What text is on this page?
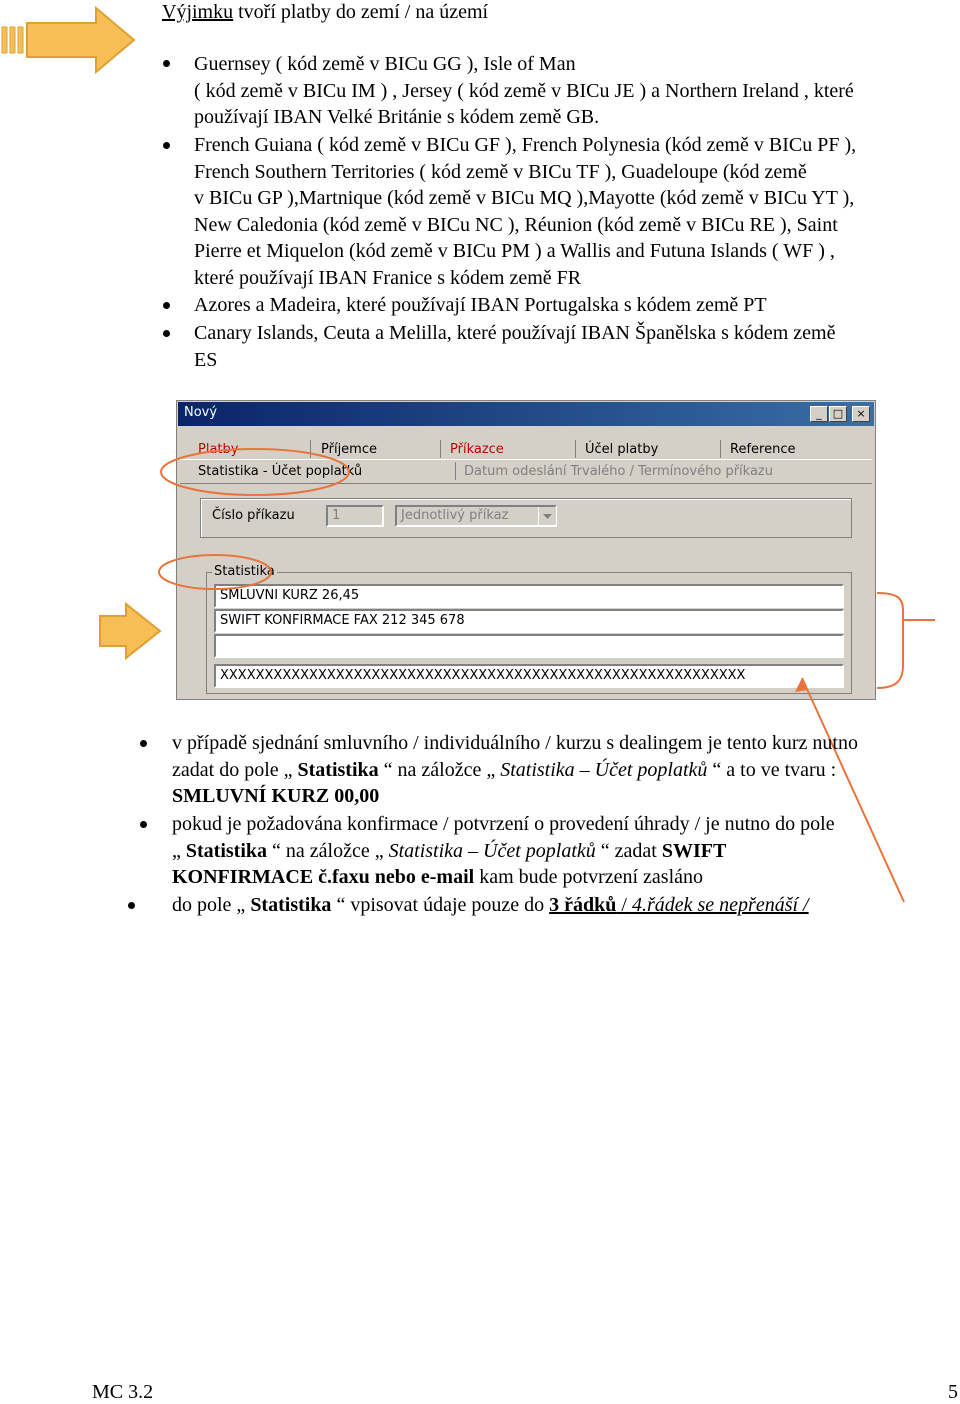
Výjimku tvoří platby do zemí / na území
Guernsey ( kód země v BICu GG ), Isle of Man
( kód země v BICu IM ) , Jersey ( kód země v BICu JE ) a Northern Ireland , které
používají IBAN Velké Británie s kódem země GB.
French Guiana ( kód země v BICu GF ), French Polynesia (kód země v BICu PF ),
French Southern Territories ( kód země v BICu TF ), Guadeloupe (kód země
v BICu GP ),Martnique (kód země v BICu MQ ),Mayotte (kód země v BICu YT ),
New Caledonia (kód země v BICu NC ), Réunion (kód země v BICu RE ), Saint
Pierre et Miquelon (kód země v BICu PM ) a Wallis and Futuna Islands ( WF ) ,
které používají IBAN Franice s kódem země FR
Azores a Madeira, které používají IBAN Portugalska s kódem země PT
Canary Islands, Ceuta a Melilla, které používají IBAN Španělska s kódem země
ES
Nový	_	□	×
Platby	Příjemce	Příkazce	Účel platby	Reference
Statistika - Účet poplatků	Datum odeslání Trvalého / Termínového příkazu
Číslo příkazu	1	Jednotlivý příkaz
Statistika
SMLUVNI KURZ 26,45
SWIFT KONFIRMACE FAX 212 345 678
XXXXXXXXXXXXXXXXXXXXXXXXXXXXXXXXXXXXXXXXXXXXXXXXXXXXXXXXXXX
v případě sjednání smluvního / individuálního / kurzu s dealingem je tento kurz nutno
zadat do pole „ Statistika “ na záložce „ Statistika – Účet poplatků “ a to ve tvaru :
SMLUVNÍ KURZ 00,00
pokud je požadována konfirmace / potvrzení o provedení úhrady / je nutno do pole
„ Statistika “ na záložce „ Statistika – Účet poplatků “ zadat SWIFT
KONFIRMACE č.faxu nebo e-mail kam bude potvrzení zasláno
do pole „ Statistika “ vpisovat údaje pouze do 3 řádků / 4.řádek se nepřenáší /
MC 3.2	5
